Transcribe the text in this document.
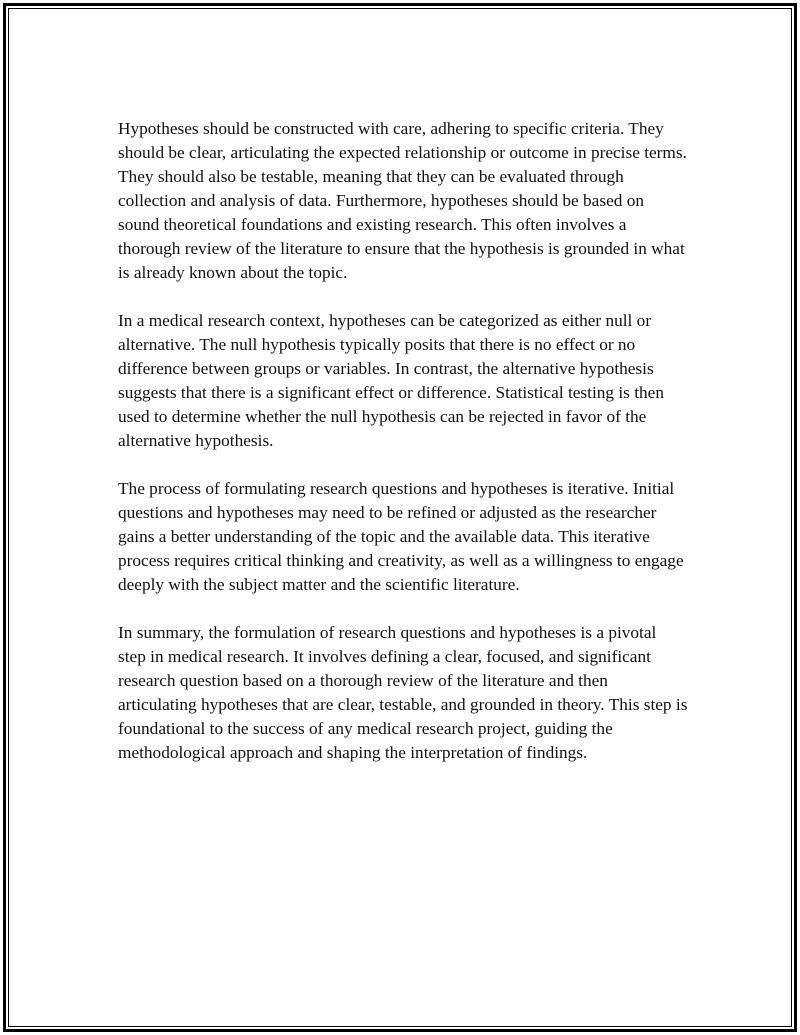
Hypotheses should be constructed with care, adhering to specific criteria. They should be clear, articulating the expected relationship or outcome in precise terms. They should also be testable, meaning that they can be evaluated through collection and analysis of data. Furthermore, hypotheses should be based on sound theoretical foundations and existing research. This often involves a thorough review of the literature to ensure that the hypothesis is grounded in what is already known about the topic.

In a medical research context, hypotheses can be categorized as either null or alternative. The null hypothesis typically posits that there is no effect or no difference between groups or variables. In contrast, the alternative hypothesis suggests that there is a significant effect or difference. Statistical testing is then used to determine whether the null hypothesis can be rejected in favor of the alternative hypothesis.

The process of formulating research questions and hypotheses is iterative. Initial questions and hypotheses may need to be refined or adjusted as the researcher gains a better understanding of the topic and the available data. This iterative process requires critical thinking and creativity, as well as a willingness to engage deeply with the subject matter and the scientific literature.

In summary, the formulation of research questions and hypotheses is a pivotal step in medical research. It involves defining a clear, focused, and significant research question based on a thorough review of the literature and then articulating hypotheses that are clear, testable, and grounded in theory. This step is foundational to the success of any medical research project, guiding the methodological approach and shaping the interpretation of findings.
